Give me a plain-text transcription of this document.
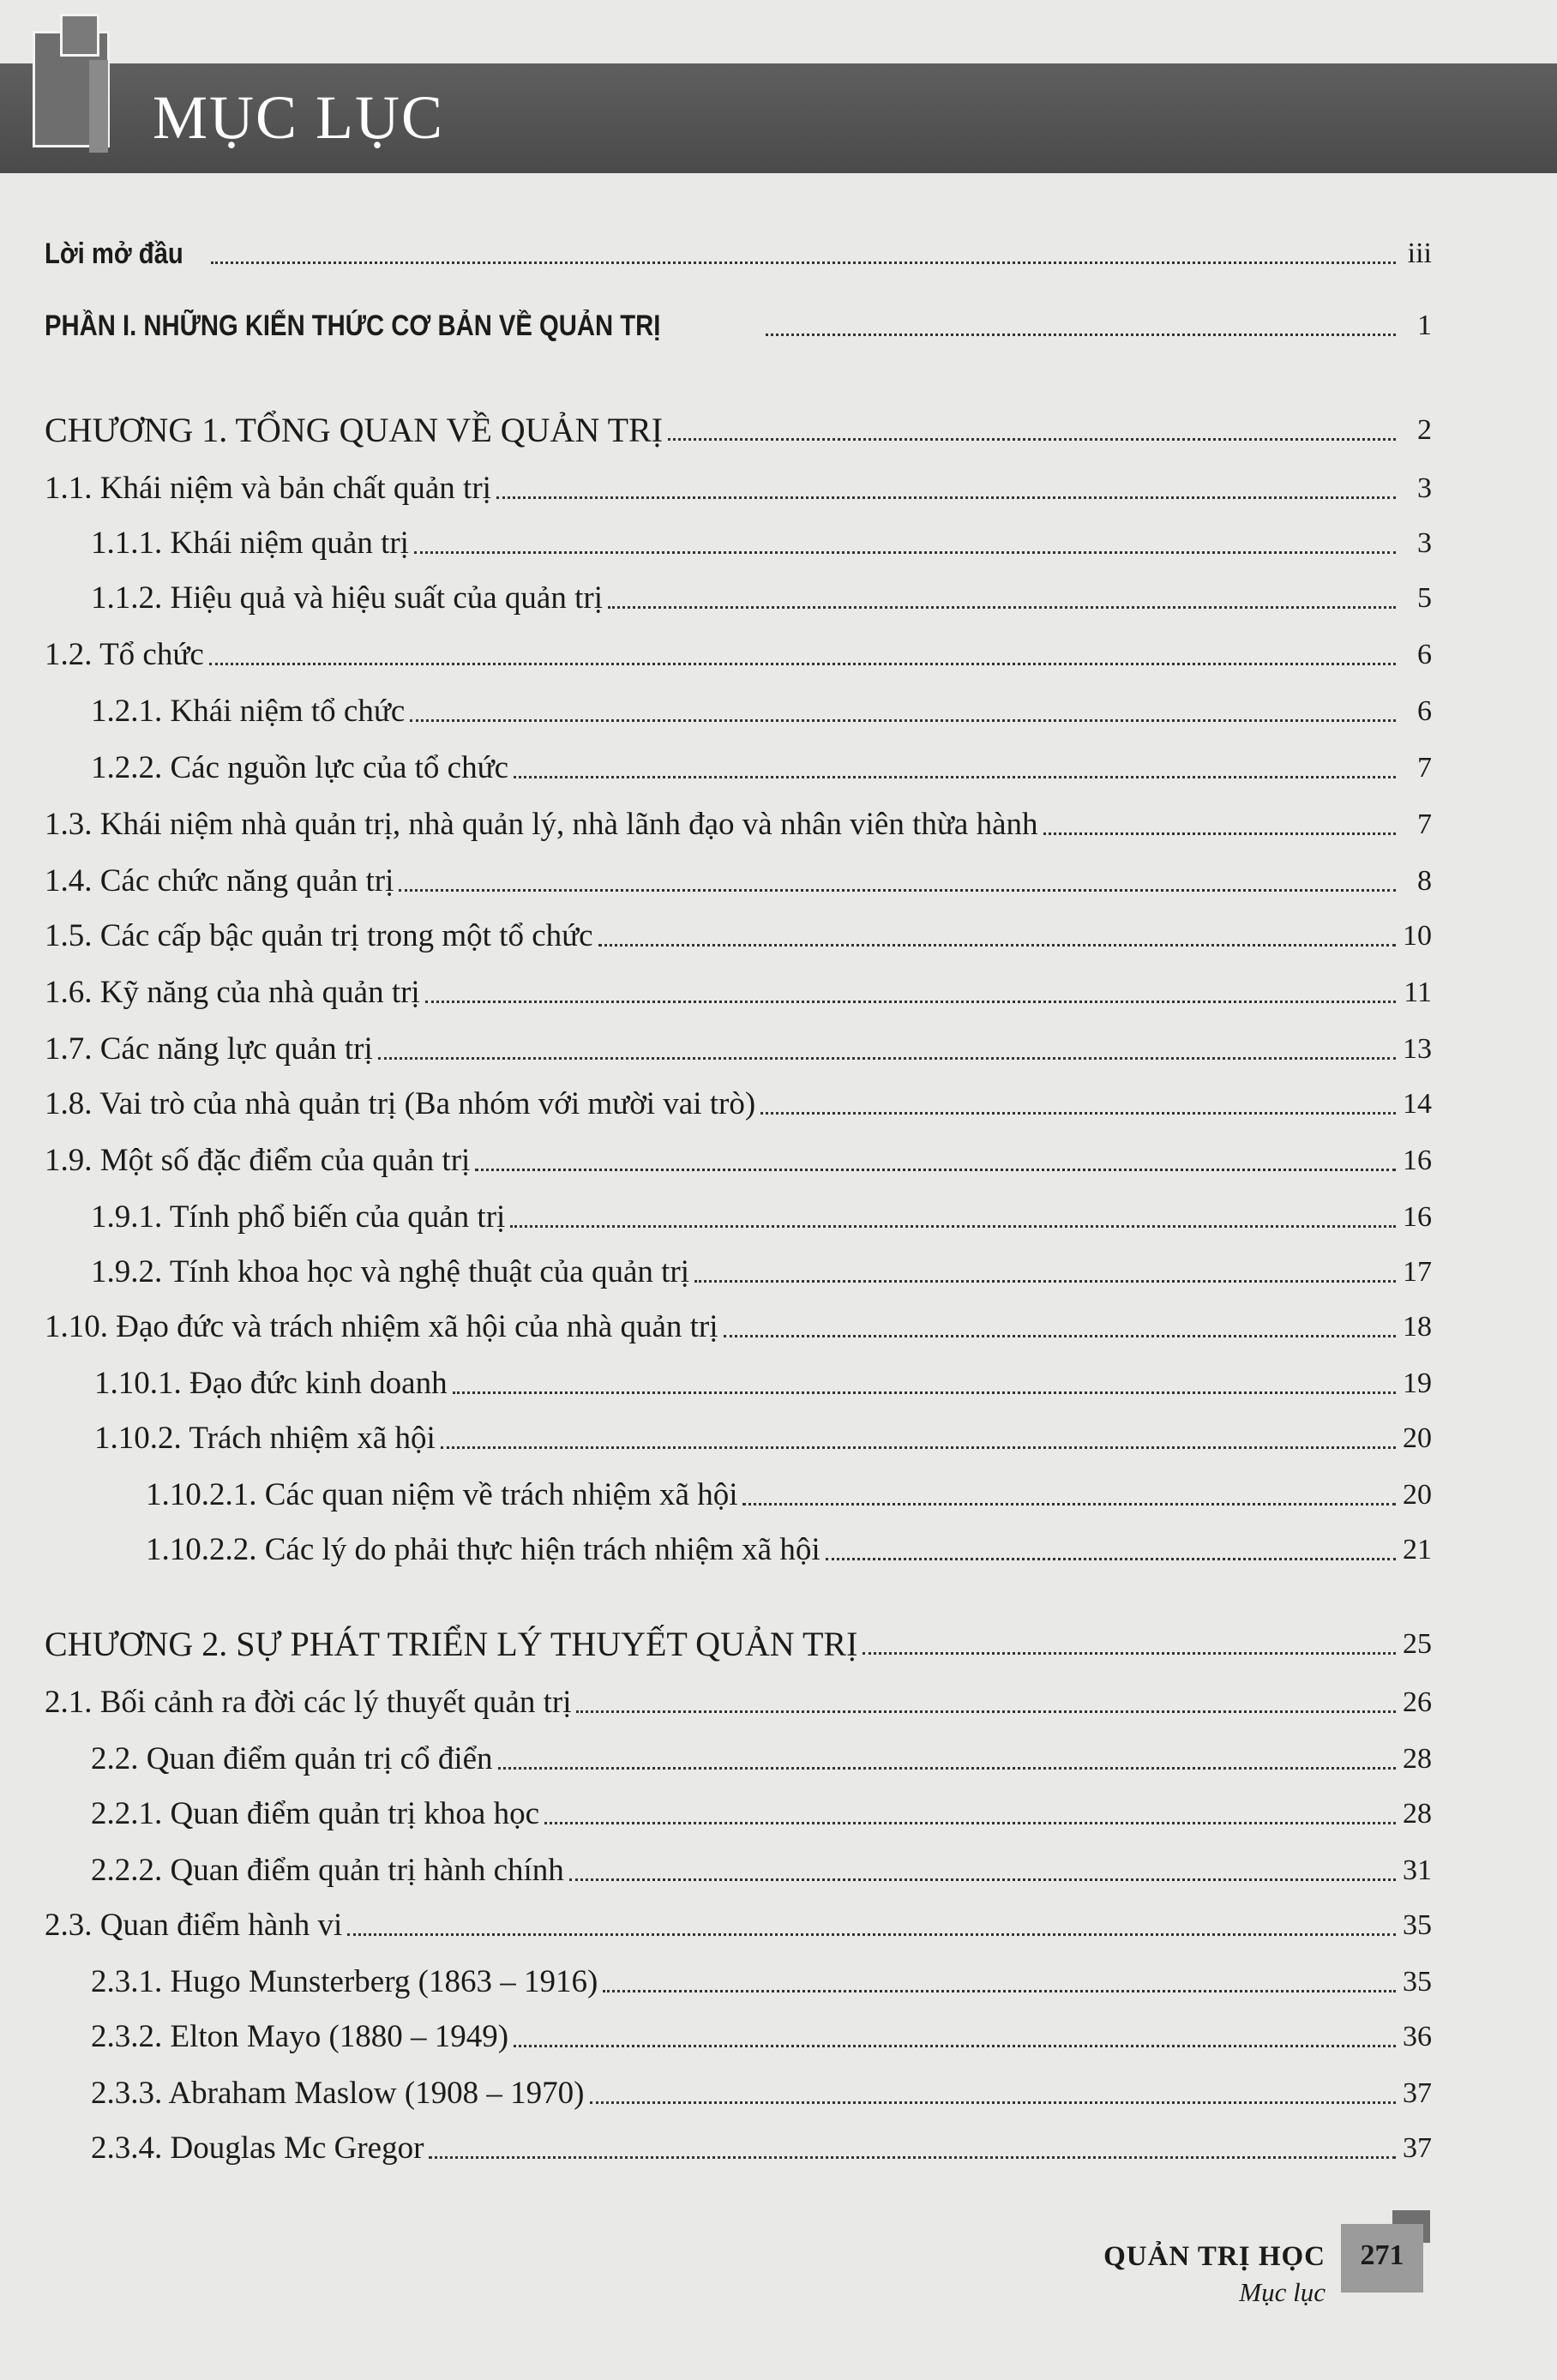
MỤC LỤC
Lời mở đầu	iii
PHẦN I. NHỮNG KIẾN THỨC CƠ BẢN VỀ QUẢN TRỊ	1
CHƯƠNG 1. TỔNG QUAN VỀ QUẢN TRỊ	2
1.1. Khái niệm và bản chất quản trị	3
1.1.1. Khái niệm quản trị	3
1.1.2. Hiệu quả và hiệu suất của quản trị	5
1.2. Tổ chức	6
1.2.1. Khái niệm tổ chức	6
1.2.2. Các nguồn lực của tổ chức	7
1.3. Khái niệm nhà quản trị, nhà quản lý, nhà lãnh đạo và nhân viên thừa hành	7
1.4. Các chức năng quản trị	8
1.5. Các cấp bậc quản trị trong một tổ chức	10
1.6. Kỹ năng của nhà quản trị	11
1.7. Các năng lực quản trị	13
1.8. Vai trò của nhà quản trị (Ba nhóm với mười vai trò)	14
1.9. Một số đặc điểm của quản trị	16
1.9.1. Tính phổ biến của quản trị	16
1.9.2. Tính khoa học và nghệ thuật của quản trị	17
1.10. Đạo đức và trách nhiệm xã hội của nhà quản trị	18
1.10.1. Đạo đức kinh doanh	19
1.10.2. Trách nhiệm xã hội	20
1.10.2.1. Các quan niệm về trách nhiệm xã hội	20
1.10.2.2. Các lý do phải thực hiện trách nhiệm xã hội	21
CHƯƠNG 2. SỰ PHÁT TRIỂN LÝ THUYẾT QUẢN TRỊ	25
2.1. Bối cảnh ra đời các lý thuyết quản trị	26
2.2. Quan điểm quản trị cổ điển	28
2.2.1. Quan điểm quản trị khoa học	28
2.2.2. Quan điểm quản trị hành chính	31
2.3. Quan điểm hành vi	35
2.3.1. Hugo Munsterberg (1863 – 1916)	35
2.3.2. Elton Mayo (1880 – 1949)	36
2.3.3. Abraham Maslow (1908 – 1970)	37
2.3.4. Douglas Mc Gregor	37
QUẢN TRỊ HỌC
Mục lục
271
